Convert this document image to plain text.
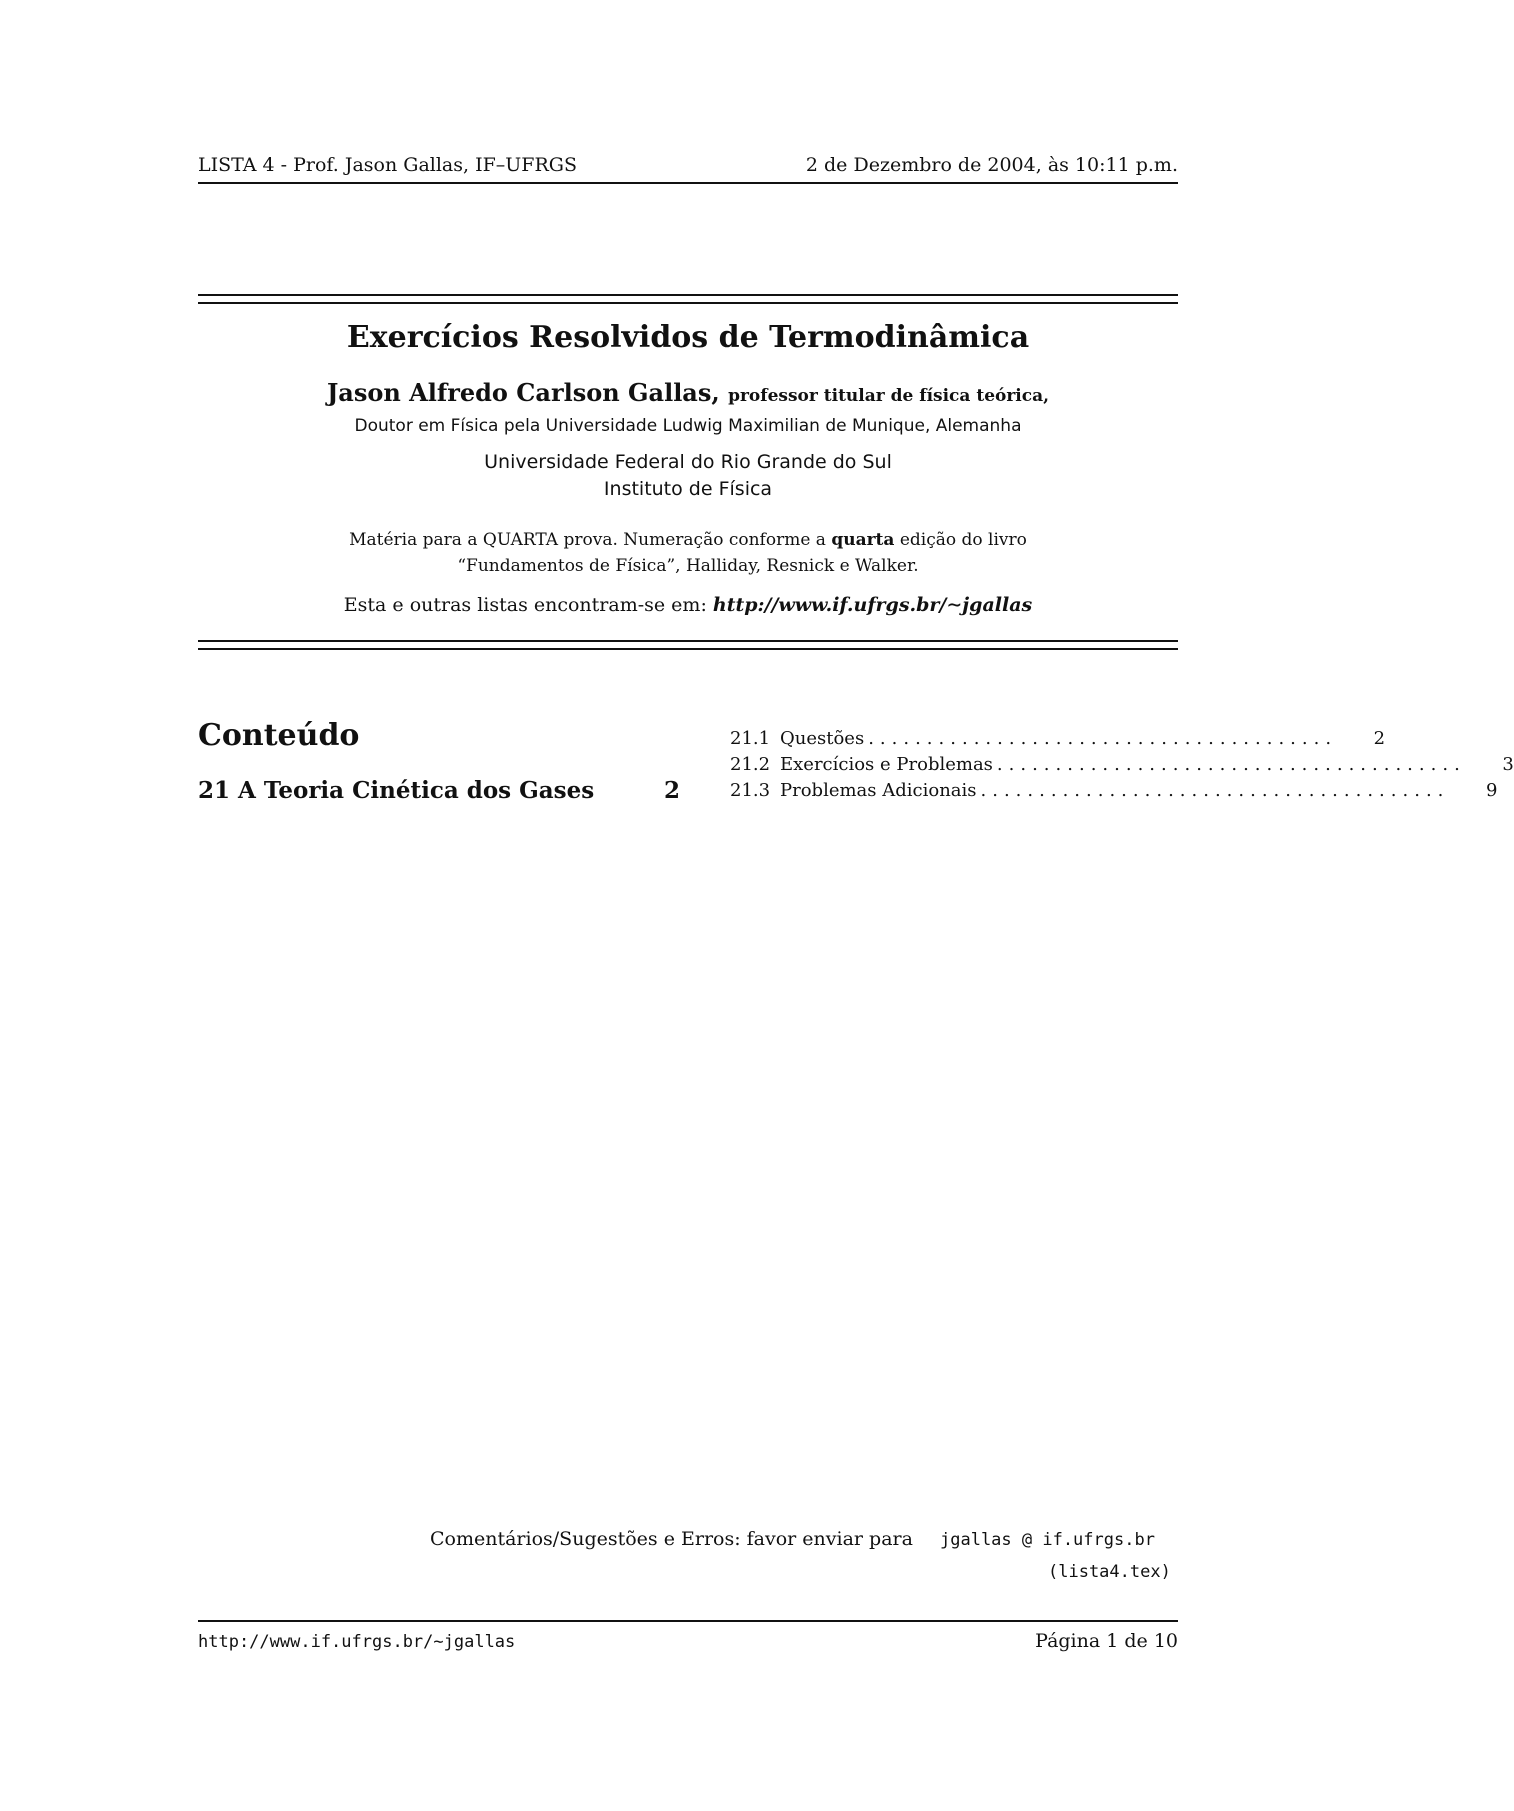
LISTA 4 - Prof. Jason Gallas, IF–UFRGS	2 de Dezembro de 2004, às 10:11 p.m.
Exercícios Resolvidos de Termodinâmica
Jason Alfredo Carlson Gallas, professor titular de física teórica,
Doutor em Física pela Universidade Ludwig Maximilian de Munique, Alemanha
Universidade Federal do Rio Grande do Sul
Instituto de Física
Matéria para a QUARTA prova. Numeração conforme a quarta edição do livro
“Fundamentos de Física”, Halliday, Resnick e Walker.
Esta e outras listas encontram-se em: http://www.if.ufrgs.br/∼jgallas
Conteúdo
21 A Teoria Cinética dos Gases	2
21.1 Questões ........................................	2
21.2 Exercícios e Problemas ........................................	3
21.3 Problemas Adicionais ........................................	9
Comentários/Sugestões e Erros: favor enviar para jgallas @ if.ufrgs.br
(lista4.tex)
http://www.if.ufrgs.br/∼jgallas	Página 1 de 10
